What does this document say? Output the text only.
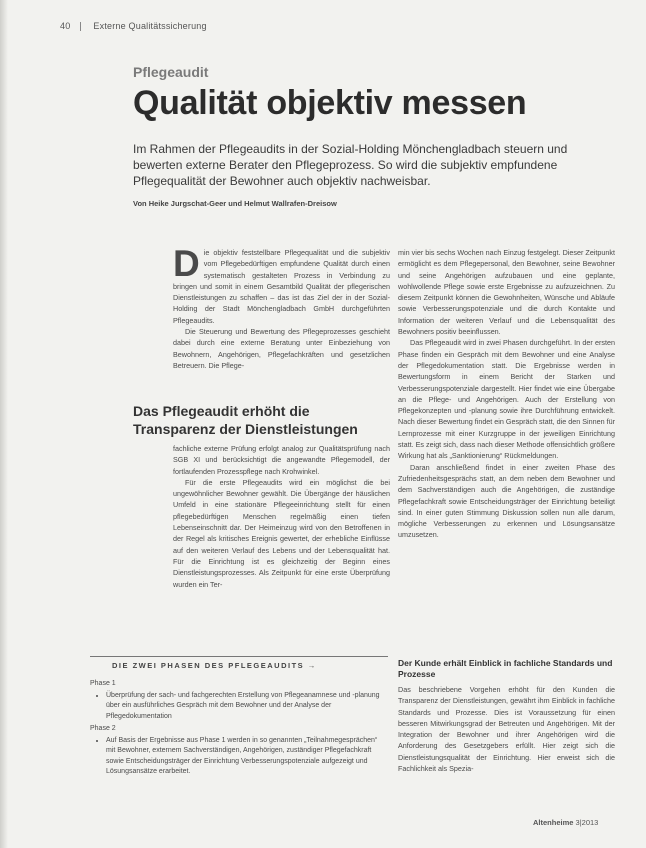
40	Externe Qualitätssicherung
Pflegeaudit
Qualität objektiv messen
Im Rahmen der Pflegeaudits in der Sozial-Holding Mönchengladbach steuern und bewerten externe Berater den Pflegeprozess. So wird die subjektiv empfundene Pflegequalität der Bewohner auch objektiv nachweisbar.
Von Heike Jurgschat-Geer und Helmut Wallrafen-Dreisow
D ie objektiv feststellbare Pflegequalität und die subjektiv vom Pflegebedürftigen empfundene Qualität durch einen systematisch gestalteten Prozess in Verbindung zu bringen und somit in einem Gesamtbild Qualität der pflegerischen Dienstleistungen zu schaffen – das ist das Ziel der in der Sozial-Holding der Stadt Mönchengladbach GmbH durchgeführten Pflegeaudits.

Die Steuerung und Bewertung des Pflegeprozesses geschieht dabei durch eine externe Beratung unter Einbeziehung von Bewohnern, Angehörigen, Pflegefachkräften und gesetzlichen Betreuern. Die Pflege-

Das Pflegeaudit erhöht die Transparenz der Dienstleistungen

fachliche externe Prüfung erfolgt analog zur Qualitätsprüfung nach SGB XI und berücksichtigt die angewandte Pflegemodell, der fortlaufenden Prozesspflege nach Krohwinkel.

Für die erste Pflegeaudits wird ein möglichst die bei ungewöhnlicher Bewohner gewählt. Die Übergänge der häuslichen Umfeld in eine stationäre Pflegeeinrichtung stellt für einen pflegebedürftigen Menschen regelmäßig einen tiefen Lebenseinschnitt dar. Der Heimeinzug wird von den Betroffenen in der Regel als kritisches Ereignis gewertet, der erhebliche Einflüsse auf den weiteren Verlauf des Lebens und der Lebensqualität hat. Für die Einrichtung ist es gleichzeitig der Beginn eines Dienstleistungsprozesses. Als Zeitpunkt für eine erste Überprüfung wurden ein Ter-

min vier bis sechs Wochen nach Einzug festgelegt. Dieser Zeitpunkt ermöglicht es dem Pflegepersonal, den Bewohner, seine Bewohner und seine Angehörigen aufzubauen und eine geplante, wohlwollende Pflege sowie erste Ergebnisse zu aufzuzeichnen. Zu diesem Zeitpunkt können die Gewohnheiten, Wünsche und Abläufe sowie Verbesserungspotenziale und die durch Kontakte und Information der weiteren Verlauf und die Lebensqualität des Bewohners positiv beeinflussen.

Das Pflegeaudit wird in zwei Phasen durchgeführt. In der ersten Phase finden ein Gespräch mit dem Bewohner und eine Analyse der Pflegedokumentation statt. Die Ergebnisse werden in Bewertungsform in einem Bericht der Starken und Verbesserungspotenziale dargestellt. Hier findet wie eine Übergabe an die Pflege- und Angehörigen. Auch der Erstellung von Pflegekonzepten und -planung sowie ihre Durchführung entwickelt. Nach dieser Bewertung findet ein Gespräch statt, die den Sinnen für Lernprozesse mit einer Kurzgruppe in der jeweiligen Einrichtung statt. Es zeigt sich, dass nach dieser Methode offensichtlich größere Wirkung hat als „Sanktionierung“ Rückmeldungen.

Daran anschließend findet in einer zweiten Phase des Zufriedenheitsgesprächs statt, an dem neben dem Bewohner und dem Sachverständigen auch die Angehörigen, die zuständige Pflegefachkraft sowie Entscheidungsträger der Einrichtung beteiligt sind. In einer guten Stimmung Diskussion sollen nun alle darum, mögliche Verbesserungen zu erkennen und Lösungsansätze umzusetzen.

DIE ZWEI PHASEN DES PFLEGEAUDITS →
Phase 1
• Überprüfung der sach- und fachgerechten Erstellung von Pflegeanamnese und -planung über ein ausführliches Gespräch mit dem Bewohner und der Analyse der Pflegedokumentation
Phase 2
• Auf Basis der Ergebnisse aus Phase 1 werden in so genannten „Teilnahmegesprächen“ mit Bewohner, externem Sachverständigen, Angehörigen, zuständiger Pflegefachkraft sowie Entscheidungsträger der Einrichtung Verbesserungspotenziale aufgezeigt und Lösungsansätze erarbeitet.
Der Kunde erhält Einblick in fachliche Standards und Prozesse

Das beschriebene Vorgehen erhöht für den Kunden die Transparenz der Dienstleistungen, gewährt ihm Einblick in fachliche Standards und Prozesse. Dies ist Voraussetzung für einen besseren Mitwirkungsgrad der Betreuten und Angehörigen. Mit der Integration der Bewohner und ihrer Angehörigen wird die Anforderung des Gesetzgebers erfüllt. Hier zeigt sich die Dienstleistungsqualität der Einrichtung. Hier erweist sich die Fachlichkeit als Spezia-

Altenheime 3|2013
